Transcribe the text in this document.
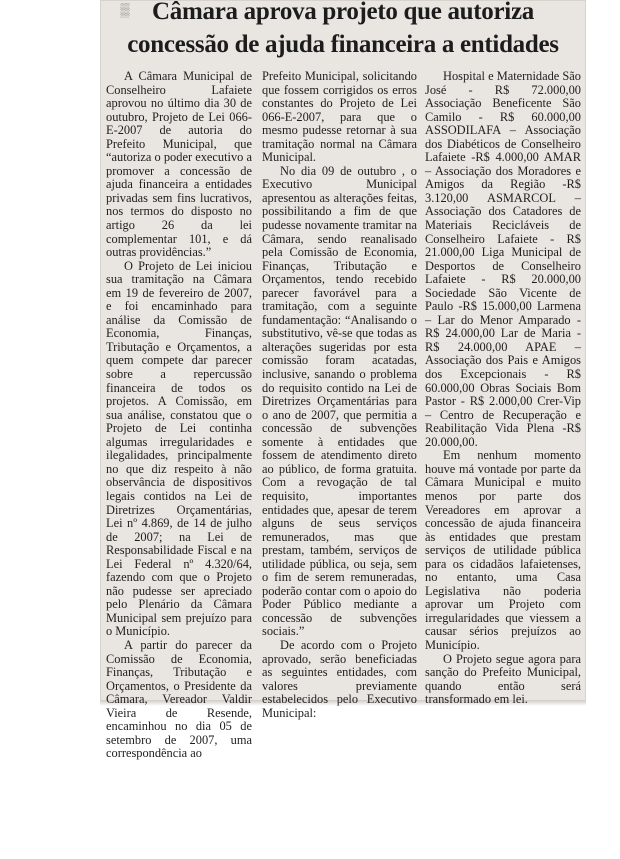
▒ Câmara aprova projeto que autoriza
concessão de ajuda financeira a entidades

A Câmara Municipal de Conselheiro Lafaiete aprovou no último dia 30 de outubro, Projeto de Lei 066-E-2007 de autoria do Prefeito Municipal, que “autoriza o poder executivo a promover a concessão de ajuda financeira a entidades privadas sem fins lucrativos, nos termos do disposto no artigo 26 da lei complementar 101, e dá outras providências.”

O Projeto de Lei iniciou sua tramitação na Câmara em 19 de fevereiro de 2007, e foi encaminhado para análise da Comissão de Economia, Finanças, Tributação e Orçamentos, a quem compete dar parecer sobre a repercussão financeira de todos os projetos. A Comissão, em sua análise, constatou que o Projeto de Lei continha algumas irregularidades e ilegalidades, principalmente no que diz respeito à não observância de dispositivos legais contidos na Lei de Diretrizes Orçamentárias, Lei nº 4.869, de 14 de julho de 2007; na Lei de Responsabilidade Fiscal e na Lei Federal nº 4.320/64, fazendo com que o Projeto não pudesse ser apreciado pelo Plenário da Câmara Municipal sem prejuízo para o Município.

A partir do parecer da Comissão de Economia, Finanças, Tributação e Orçamentos, o Presidente da Câmara, Vereador Valdir Vieira de Resende, encaminhou no dia 05 de setembro de 2007, uma correspondência ao

Prefeito Municipal, solicitando que fossem corrigidos os erros constantes do Projeto de Lei 066-E-2007, para que o mesmo pudesse retornar à sua tramitação normal na Câmara Municipal.

No dia 09 de outubro , o Executivo Municipal apresentou as alterações feitas, possibilitando a fim de que pudesse novamente tramitar na Câmara, sendo reanalisado pela Comissão de Economia, Finanças, Tributação e Orçamentos, tendo recebido parecer favorável para a tramitação, com a seguinte fundamentação: “Analisando o substitutivo, vê-se que todas as alterações sugeridas por esta comissão foram acatadas, inclusive, sanando o problema do requisito contido na Lei de Diretrizes Orçamentárias para o ano de 2007, que permitia a concessão de subvenções somente à entidades que fossem de atendimento direto ao público, de forma gratuita. Com a revogação de tal requisito, importantes entidades que, apesar de terem alguns de seus serviços remunerados, mas que prestam, também, serviços de utilidade pública, ou seja, sem o fim de serem remuneradas, poderão contar com o apoio do Poder Público mediante a concessão de subvenções sociais.”

De acordo com o Projeto aprovado, serão beneficiadas as seguintes entidades, com valores previamente estabelecidos pelo Executivo Municipal:

Hospital e Maternidade São José - R$ 72.000,00 Associação Beneficente São Camilo - R$ 60.000,00 ASSODILAFA – Associação dos Diabéticos de Conselheiro Lafaiete -R$ 4.000,00 AMAR – Associação dos Moradores e Amigos da Região -R$ 3.120,00 ASMARCOL – Associação dos Catadores de Materiais Recicláveis de Conselheiro Lafaiete - R$ 21.000,00 Liga Municipal de Desportos de Conselheiro Lafaiete - R$ 20.000,00 Sociedade São Vicente de Paulo -R$ 15.000,00 Larmena – Lar do Menor Amparado - R$ 24.000,00 Lar de Maria - R$ 24.000,00 APAE – Associação dos Pais e Amigos dos Excepcionais - R$ 60.000,00 Obras Sociais Bom Pastor - R$ 2.000,00 Crer-Vip – Centro de Recuperação e Reabilitação Vida Plena -R$ 20.000,00.

Em nenhum momento houve má vontade por parte da Câmara Municipal e muito menos por parte dos Vereadores em aprovar a concessão de ajuda financeira às entidades que prestam serviços de utilidade pública para os cidadãos lafaietenses, no entanto, uma Casa Legislativa não poderia aprovar um Projeto com irregularidades que viessem a causar sérios prejuízos ao Município.

O Projeto segue agora para sanção do Prefeito Municipal, quando então será transformado em lei.
